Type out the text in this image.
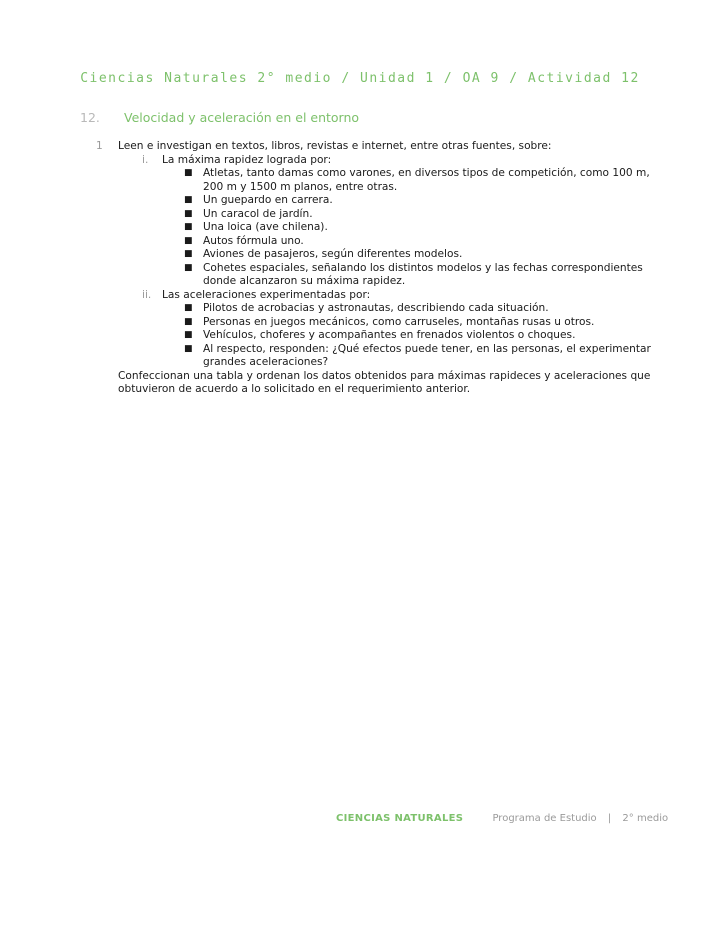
Ciencias Naturales 2° medio / Unidad 1 / OA 9 / Actividad 12
12. Velocidad y aceleración en el entorno
1 Leen e investigan en textos, libros, revistas e internet, entre otras fuentes, sobre:
i. La máxima rapidez lograda por:
■ Atletas, tanto damas como varones, en diversos tipos de competición, como 100 m, 200 m y 1500 m planos, entre otras.
■ Un guepardo en carrera.
■ Un caracol de jardín.
■ Una loica (ave chilena).
■ Autos fórmula uno.
■ Aviones de pasajeros, según diferentes modelos.
■ Cohetes espaciales, señalando los distintos modelos y las fechas correspondientes donde alcanzaron su máxima rapidez.
ii. Las aceleraciones experimentadas por:
■ Pilotos de acrobacias y astronautas, describiendo cada situación.
■ Personas en juegos mecánicos, como carruseles, montañas rusas u otros.
■ Vehículos, choferes y acompañantes en frenados violentos o choques.
■ Al respecto, responden: ¿Qué efectos puede tener, en las personas, el experimentar grandes aceleraciones?
Confeccionan una tabla y ordenan los datos obtenidos para máximas rapideces y aceleraciones que obtuvieron de acuerdo a lo solicitado en el requerimiento anterior.
CIENCIAS NATURALES	Programa de Estudio | 2° medio
